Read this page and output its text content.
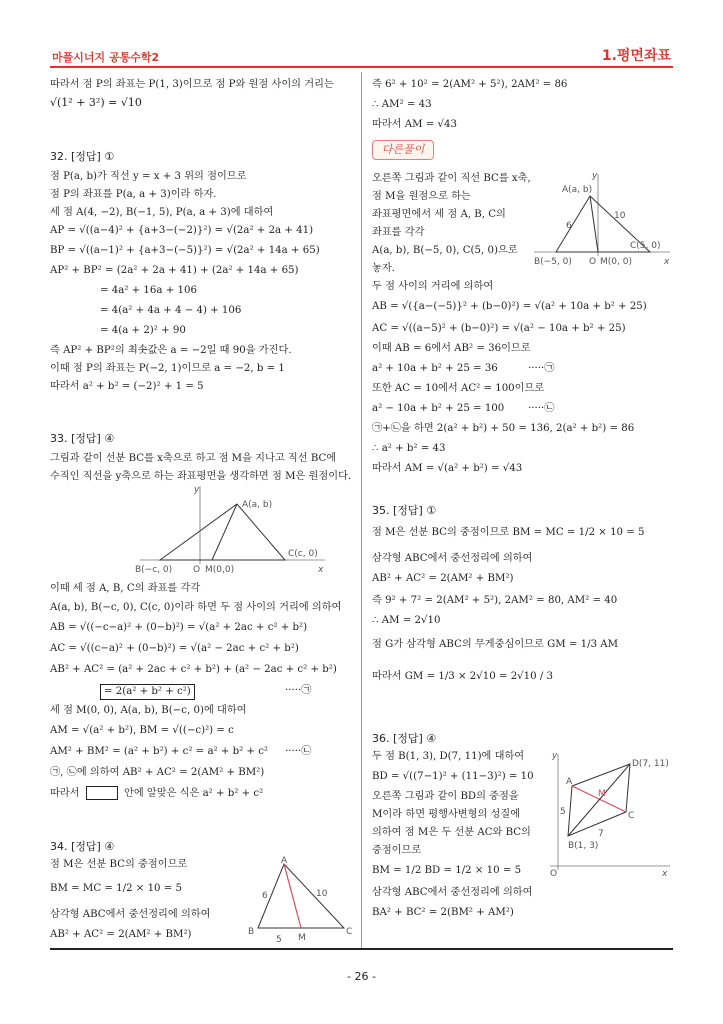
마플시너지 공통수학2	1.평면좌표
따라서 점 P의 좌표는 P(1, 3)이므로 점 P와 원점 사이의 거리는
√(1² + 3²) = √10
32. [정답] ①
점 P(a, b)가 직선 y = x + 3 위의 점이므로
점 P의 좌표를 P(a, a + 3)이라 하자.
세 점 A(4, −2), B(−1, 5), P(a, a + 3)에 대하여
AP = √((a−4)² + {a+3−(−2)}²) = √(2a² + 2a + 41)
BP = √((a−1)² + {a+3−(−5)}²) = √(2a² + 14a + 65)
AP² + BP² = (2a² + 2a + 41) + (2a² + 14a + 65)
= 4a² + 16a + 106
= 4(a² + 4a + 4 − 4) + 106
= 4(a + 2)² + 90
즉 AP² + BP²의 최솟값은 a = −2일 때 90을 가진다.
이때 점 P의 좌표는 P(−2, 1)이므로 a = −2, b = 1
따라서 a² + b² = (−2)² + 1 = 5
33. [정답] ④
그림과 같이 선분 BC를 x축으로 하고 점 M을 지나고 직선 BC에
수직인 직선을 y축으로 하는 좌표평면을 생각하면 점 M은 원점이다.
A(a, b)
B(−c, 0) O M(0,0)
C(c, 0)
x
y
이때 세 점 A, B, C의 좌표를 각각
A(a, b), B(−c, 0), C(c, 0)이라 하면 두 점 사이의 거리에 의하여
AB = √((−c−a)² + (0−b)²) = √(a² + 2ac + c² + b²)
AC = √((c−a)² + (0−b)²) = √(a² − 2ac + c² + b²)
AB² + AC² = (a² + 2ac + c² + b²) + (a² − 2ac + c² + b²)
= 2(a² + b² + c²)	·····㉠
세 점 M(0, 0), A(a, b), B(−c, 0)에 대하여
AM = √(a² + b²), BM = √((−c)²) = c
AM² + BM² = (a² + b²) + c² = a² + b² + c² ·····㉡
㉠, ㉡에 의하여 AB² + AC² = 2(AM² + BM²)
따라서	안에 알맞은 식은 a² + b² + c²
34. [정답] ④
점 M은 선분 BC의 중점이므로
BM = MC = 1/2 × 10 = 5
삼각형 ABC에서 중선정리에 의하여
AB² + AC² = 2(AM² + BM²)
A
B	C
M
6	10
5
즉 6² + 10² = 2(AM² + 5²), 2AM² = 86
∴ AM² = 43
따라서 AM = √43
다른풀이
오른쪽 그림과 같이 직선 BC를 x축,
점 M을 원점으로 하는
좌표평면에서 세 점 A, B, C의
좌표를 각각
A(a, b), B(−5, 0), C(5, 0)으로
놓자.
두 점 사이의 거리에 의하여
AB = √({a−(−5)}² + (b−0)²) = √(a² + 10a + b² + 25)
AC = √((a−5)² + (b−0)²) = √(a² − 10a + b² + 25)
이때 AB = 6에서 AB² = 36이므로
a² + 10a + b² + 25 = 36	·····㉠
또한 AC = 10에서 AC² = 100이므로
a² − 10a + b² + 25 = 100 ·····㉡
㉠+㉡을 하면 2(a² + b²) + 50 = 136, 2(a² + b²) = 86
∴ a² + b² = 43
따라서 AM = √(a² + b²) = √43
A(a, b)
B(−5, 0) O M(0, 0)
C(5, 0)
6
10
x
y
35. [정답] ①
점 M은 선분 BC의 중점이므로 BM = MC = 1/2 × 10 = 5
삼각형 ABC에서 중선정리에 의하여
AB² + AC² = 2(AM² + BM²)
즉 9² + 7² = 2(AM² + 5²), 2AM² = 80, AM² = 40
∴ AM = 2√10
점 G가 삼각형 ABC의 무게중심이므로 GM = 1/3 AM
따라서 GM = 1/3 × 2√10 = 2√10 / 3
36. [정답] ④
두 점 B(1, 3), D(7, 11)에 대하여
BD = √((7−1)² + (11−3)²) = 10
오른쪽 그림과 같이 BD의 중점을
M이라 하면 평행사변형의 성질에
의하여 점 M은 두 선분 AC와 BC의
중점이므로
BM = 1/2 BD = 1/2 × 10 = 5
삼각형 ABC에서 중선정리에 의하여
BA² + BC² = 2(BM² + AM²)
A
B(1, 3)
C
D(7, 11)
M
O
5
7
x
y
- 26 -
